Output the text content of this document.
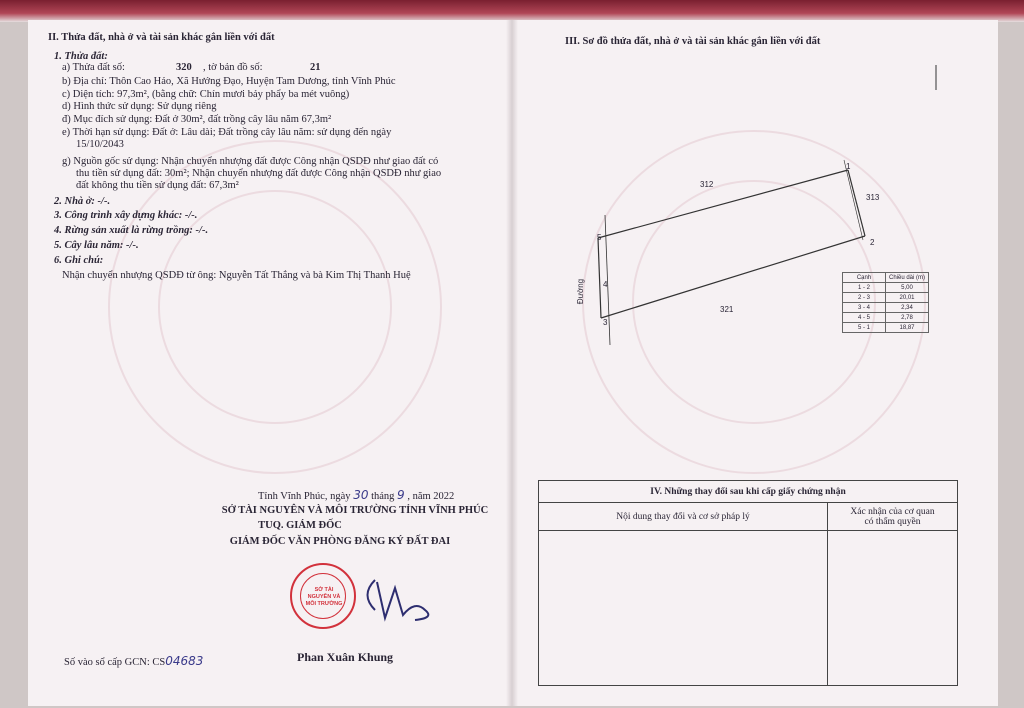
II. Thửa đất, nhà ở và tài sản khác gắn liền với đất
1. Thửa đất:
a) Thửa đất số:	320 , tờ bản đồ số:	21
b) Địa chỉ: Thôn Cao Hảo, Xã Hướng Đạo, Huyện Tam Dương, tỉnh Vĩnh Phúc
c) Diện tích: 97,3m², (bằng chữ: Chín mươi bảy phẩy ba mét vuông)
d) Hình thức sử dụng: Sử dụng riêng
đ) Mục đích sử dụng: Đất ở 30m², đất trồng cây lâu năm 67,3m²
e) Thời hạn sử dụng: Đất ở: Lâu dài; Đất trồng cây lâu năm: sử dụng đến ngày
15/10/2043
g) Nguồn gốc sử dụng: Nhận chuyển nhượng đất được Công nhận QSDĐ như giao đất có
thu tiền sử dụng đất: 30m²; Nhận chuyển nhượng đất được Công nhận QSDĐ như giao
đất không thu tiền sử dụng đất: 67,3m²
2. Nhà ở: -/-.
3. Công trình xây dựng khác: -/-.
4. Rừng sản xuất là rừng trồng: -/-.
5. Cây lâu năm: -/-.
6. Ghi chú:
Nhận chuyển nhượng QSDĐ từ ông: Nguyễn Tất Thắng và bà Kim Thị Thanh Huệ
Tỉnh Vĩnh Phúc, ngày 30 tháng 9 , năm 2022
SỞ TÀI NGUYÊN VÀ MÔI TRƯỜNG TỈNH VĨNH PHÚC
TUQ. GIÁM ĐỐC
GIÁM ĐỐC VĂN PHÒNG ĐĂNG KÝ ĐẤT ĐAI
SỞ TÀI NGUYÊN VÀ MÔI TRƯỜNG
Phan Xuân Khung
Số vào sổ cấp GCN: CS04683
III. Sơ đồ thửa đất, nhà ở và tài sản khác gắn liền với đất
1
2
3
4
5
312
313
321
Đường
Cạnh	Chiều dài (m)
1 - 2	5,00
2 - 3	20,01
3 - 4	2,34
4 - 5	2,78
5 - 1	18,87
IV. Những thay đổi sau khi cấp giấy chứng nhận	
Nội dung thay đổi và cơ sở pháp lý	Xác nhận của cơ quan
có thẩm quyền
